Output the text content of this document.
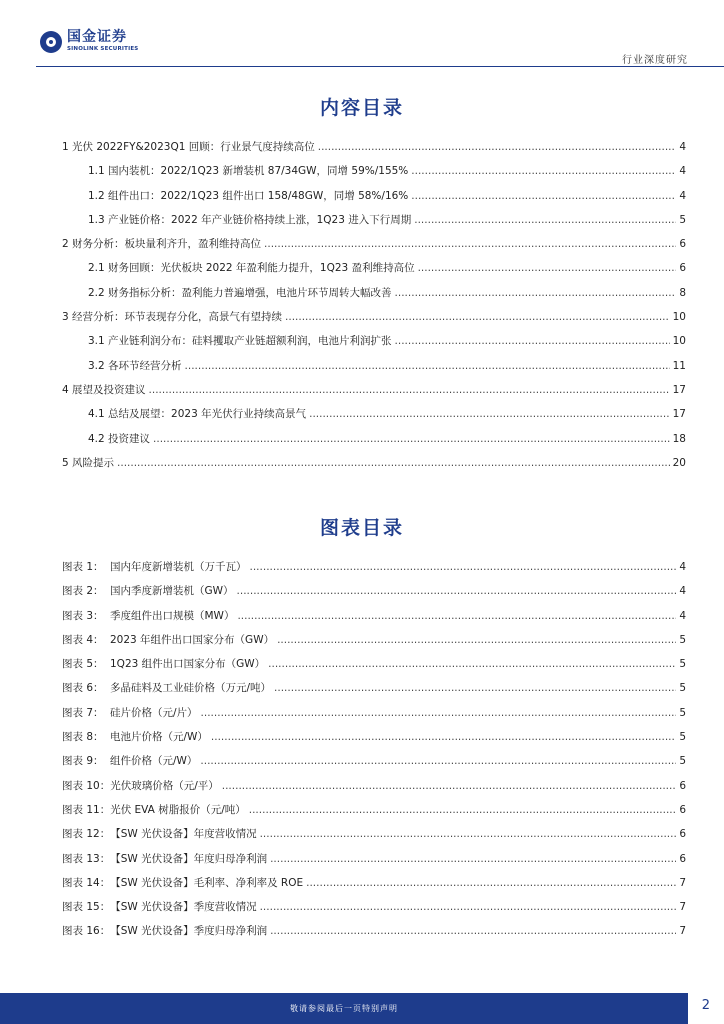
国金证券
SINOLINK SECURITIES
行业深度研究
内容目录
1 光伏 2022FY&2023Q1 回顾：行业景气度持续高位 .....	4
1.1 国内装机：2022/1Q23 新增装机 87/34GW，同增 59%/155% .....	4
1.2 组件出口：2022/1Q23 组件出口 158/48GW，同增 58%/16% .....	4
1.3 产业链价格：2022 年产业链价格持续上涨，1Q23 进入下行周期 .....	5
2 财务分析：板块量利齐升，盈利维持高位 .....	6
2.1 财务回顾：光伏板块 2022 年盈利能力提升，1Q23 盈利维持高位 .....	6
2.2 财务指标分析：盈利能力普遍增强，电池片环节周转大幅改善 .....	8
3 经营分析：环节表现存分化，高景气有望持续 .....	10
3.1 产业链利润分布：硅料攫取产业链超额利润，电池片利润扩张 .....	10
3.2 各环节经营分析 .....	11
4 展望及投资建议 .....	17
4.1 总结及展望：2023 年光伏行业持续高景气 .....	17
4.2 投资建议 .....	18
5 风险提示 .....	20
图表目录
图表 1： 国内年度新增装机（万千瓦） .....	4
图表 2： 国内季度新增装机（GW） .....	4
图表 3： 季度组件出口规模（MW） .....	4
图表 4： 2023 年组件出口国家分布（GW） .....	5
图表 5： 1Q23 组件出口国家分布（GW） .....	5
图表 6： 多晶硅料及工业硅价格（万元/吨） .....	5
图表 7： 硅片价格（元/片） .....	5
图表 8： 电池片价格（元/W） .....	5
图表 9： 组件价格（元/W） .....	5
图表 10： 光伏玻璃价格（元/平） .....	6
图表 11： 光伏 EVA 树脂报价（元/吨） .....	6
图表 12： 【SW 光伏设备】年度营收情况 .....	6
图表 13： 【SW 光伏设备】年度归母净利润 .....	6
图表 14： 【SW 光伏设备】毛利率、净利率及 ROE .....	7
图表 15： 【SW 光伏设备】季度营收情况 .....	7
图表 16： 【SW 光伏设备】季度归母净利润 .....	7
敬请参阅最后一页特别声明	2
